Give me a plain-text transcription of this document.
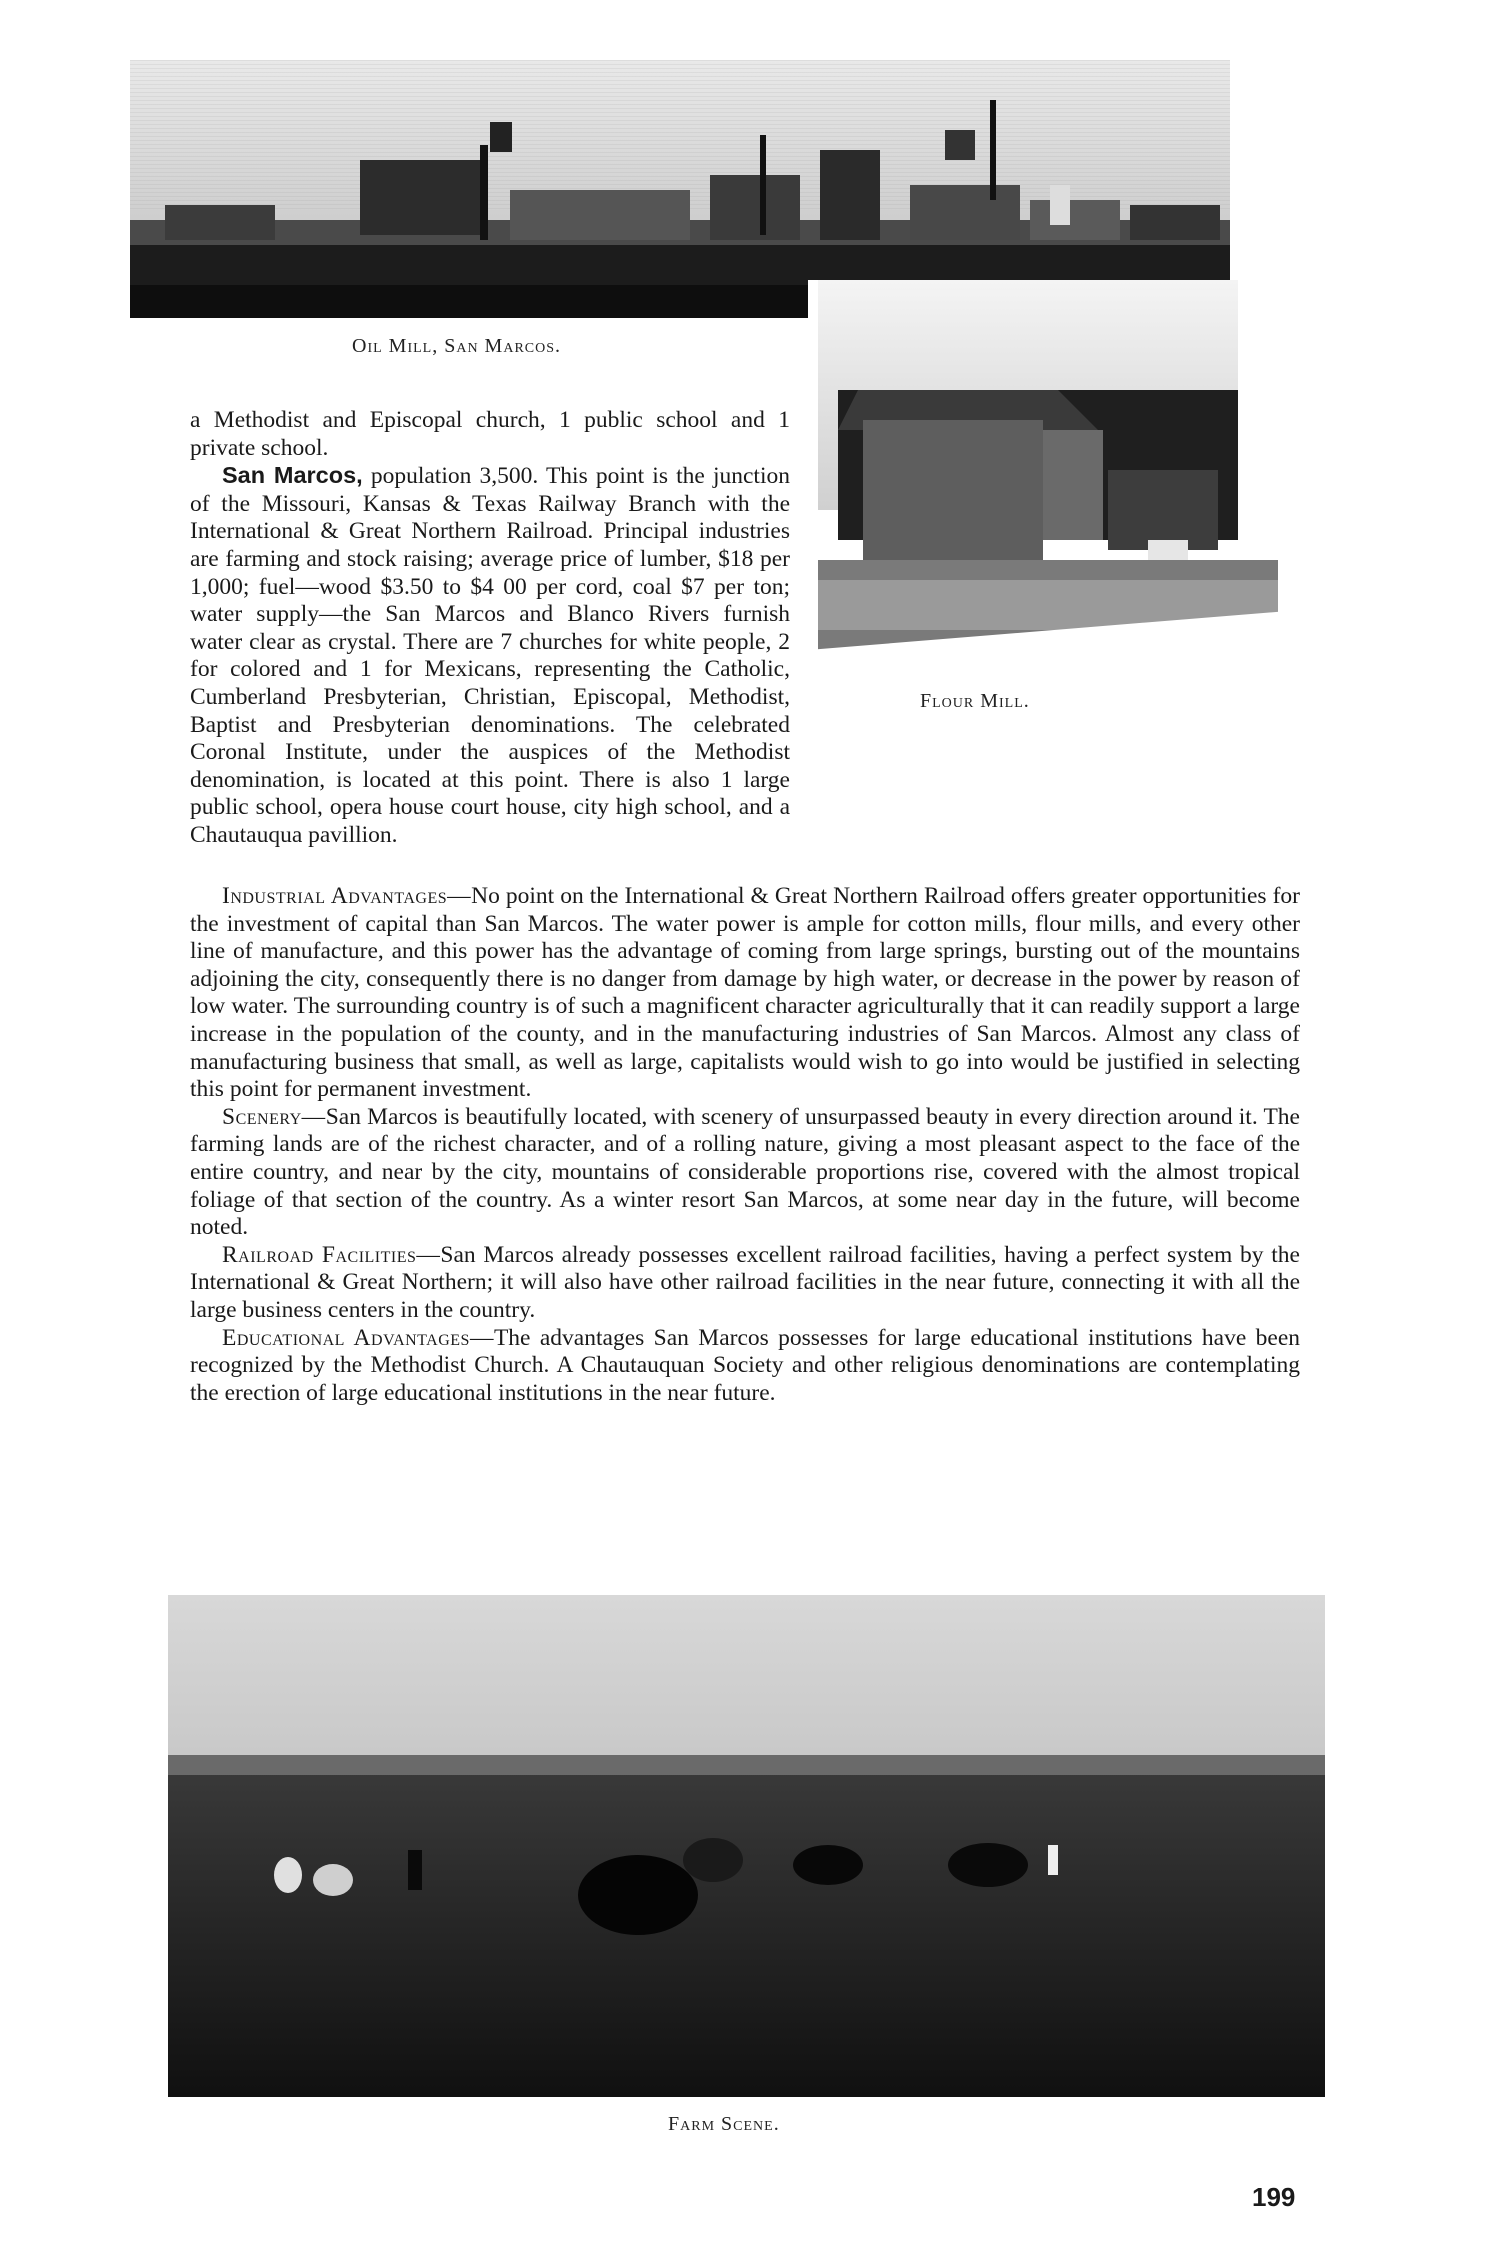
Oil Mill, San Marcos.
Flour Mill.

a Methodist and Episcopal church, 1 public school and 1 private school.

San Marcos, population 3,500. This point is the junction of the Missouri, Kansas & Texas Railway Branch with the International & Great Northern Railroad. Principal industries are farming and stock raising; average price of lumber, $18 per 1,000; fuel—wood $3.50 to $4 00 per cord, coal $7 per ton; water supply—the San Marcos and Blanco Rivers furnish water clear as crystal. There are 7 churches for white people, 2 for colored and 1 for Mexicans, representing the Catholic, Cumberland Presbyterian, Christian, Episcopal, Methodist, Baptist and Presbyterian denominations. The celebrated Coronal Institute, under the auspices of the Methodist denomination, is located at this point. There is also 1 large public school, opera house court house, city high school, and a Chautauqua pavillion.

Industrial Advantages—No point on the International & Great Northern Railroad offers greater opportunities for the investment of capital than San Marcos. The water power is ample for cotton mills, flour mills, and every other line of manufacture, and this power has the advantage of coming from large springs, bursting out of the mountains adjoining the city, consequently there is no danger from damage by high water, or decrease in the power by reason of low water. The surrounding country is of such a magnificent character agriculturally that it can readily support a large increase in the population of the county, and in the manufacturing industries of San Marcos. Almost any class of manufacturing business that small, as well as large, capitalists would wish to go into would be justified in selecting this point for permanent investment.

Scenery—San Marcos is beautifully located, with scenery of unsurpassed beauty in every direction around it. The farming lands are of the richest character, and of a rolling nature, giving a most pleasant aspect to the face of the entire country, and near by the city, mountains of considerable proportions rise, covered with the almost tropical foliage of that section of the country. As a winter resort San Marcos, at some near day in the future, will become noted.

Railroad Facilities—San Marcos already possesses excellent railroad facilities, having a perfect system by the International & Great Northern; it will also have other railroad facilities in the near future, connecting it with all the large business centers in the country.

Educational Advantages—The advantages San Marcos possesses for large educational institutions have been recognized by the Methodist Church. A Chautauquan Society and other religious denominations are contemplating the erection of large educational institutions in the near future.

Farm Scene.
199
